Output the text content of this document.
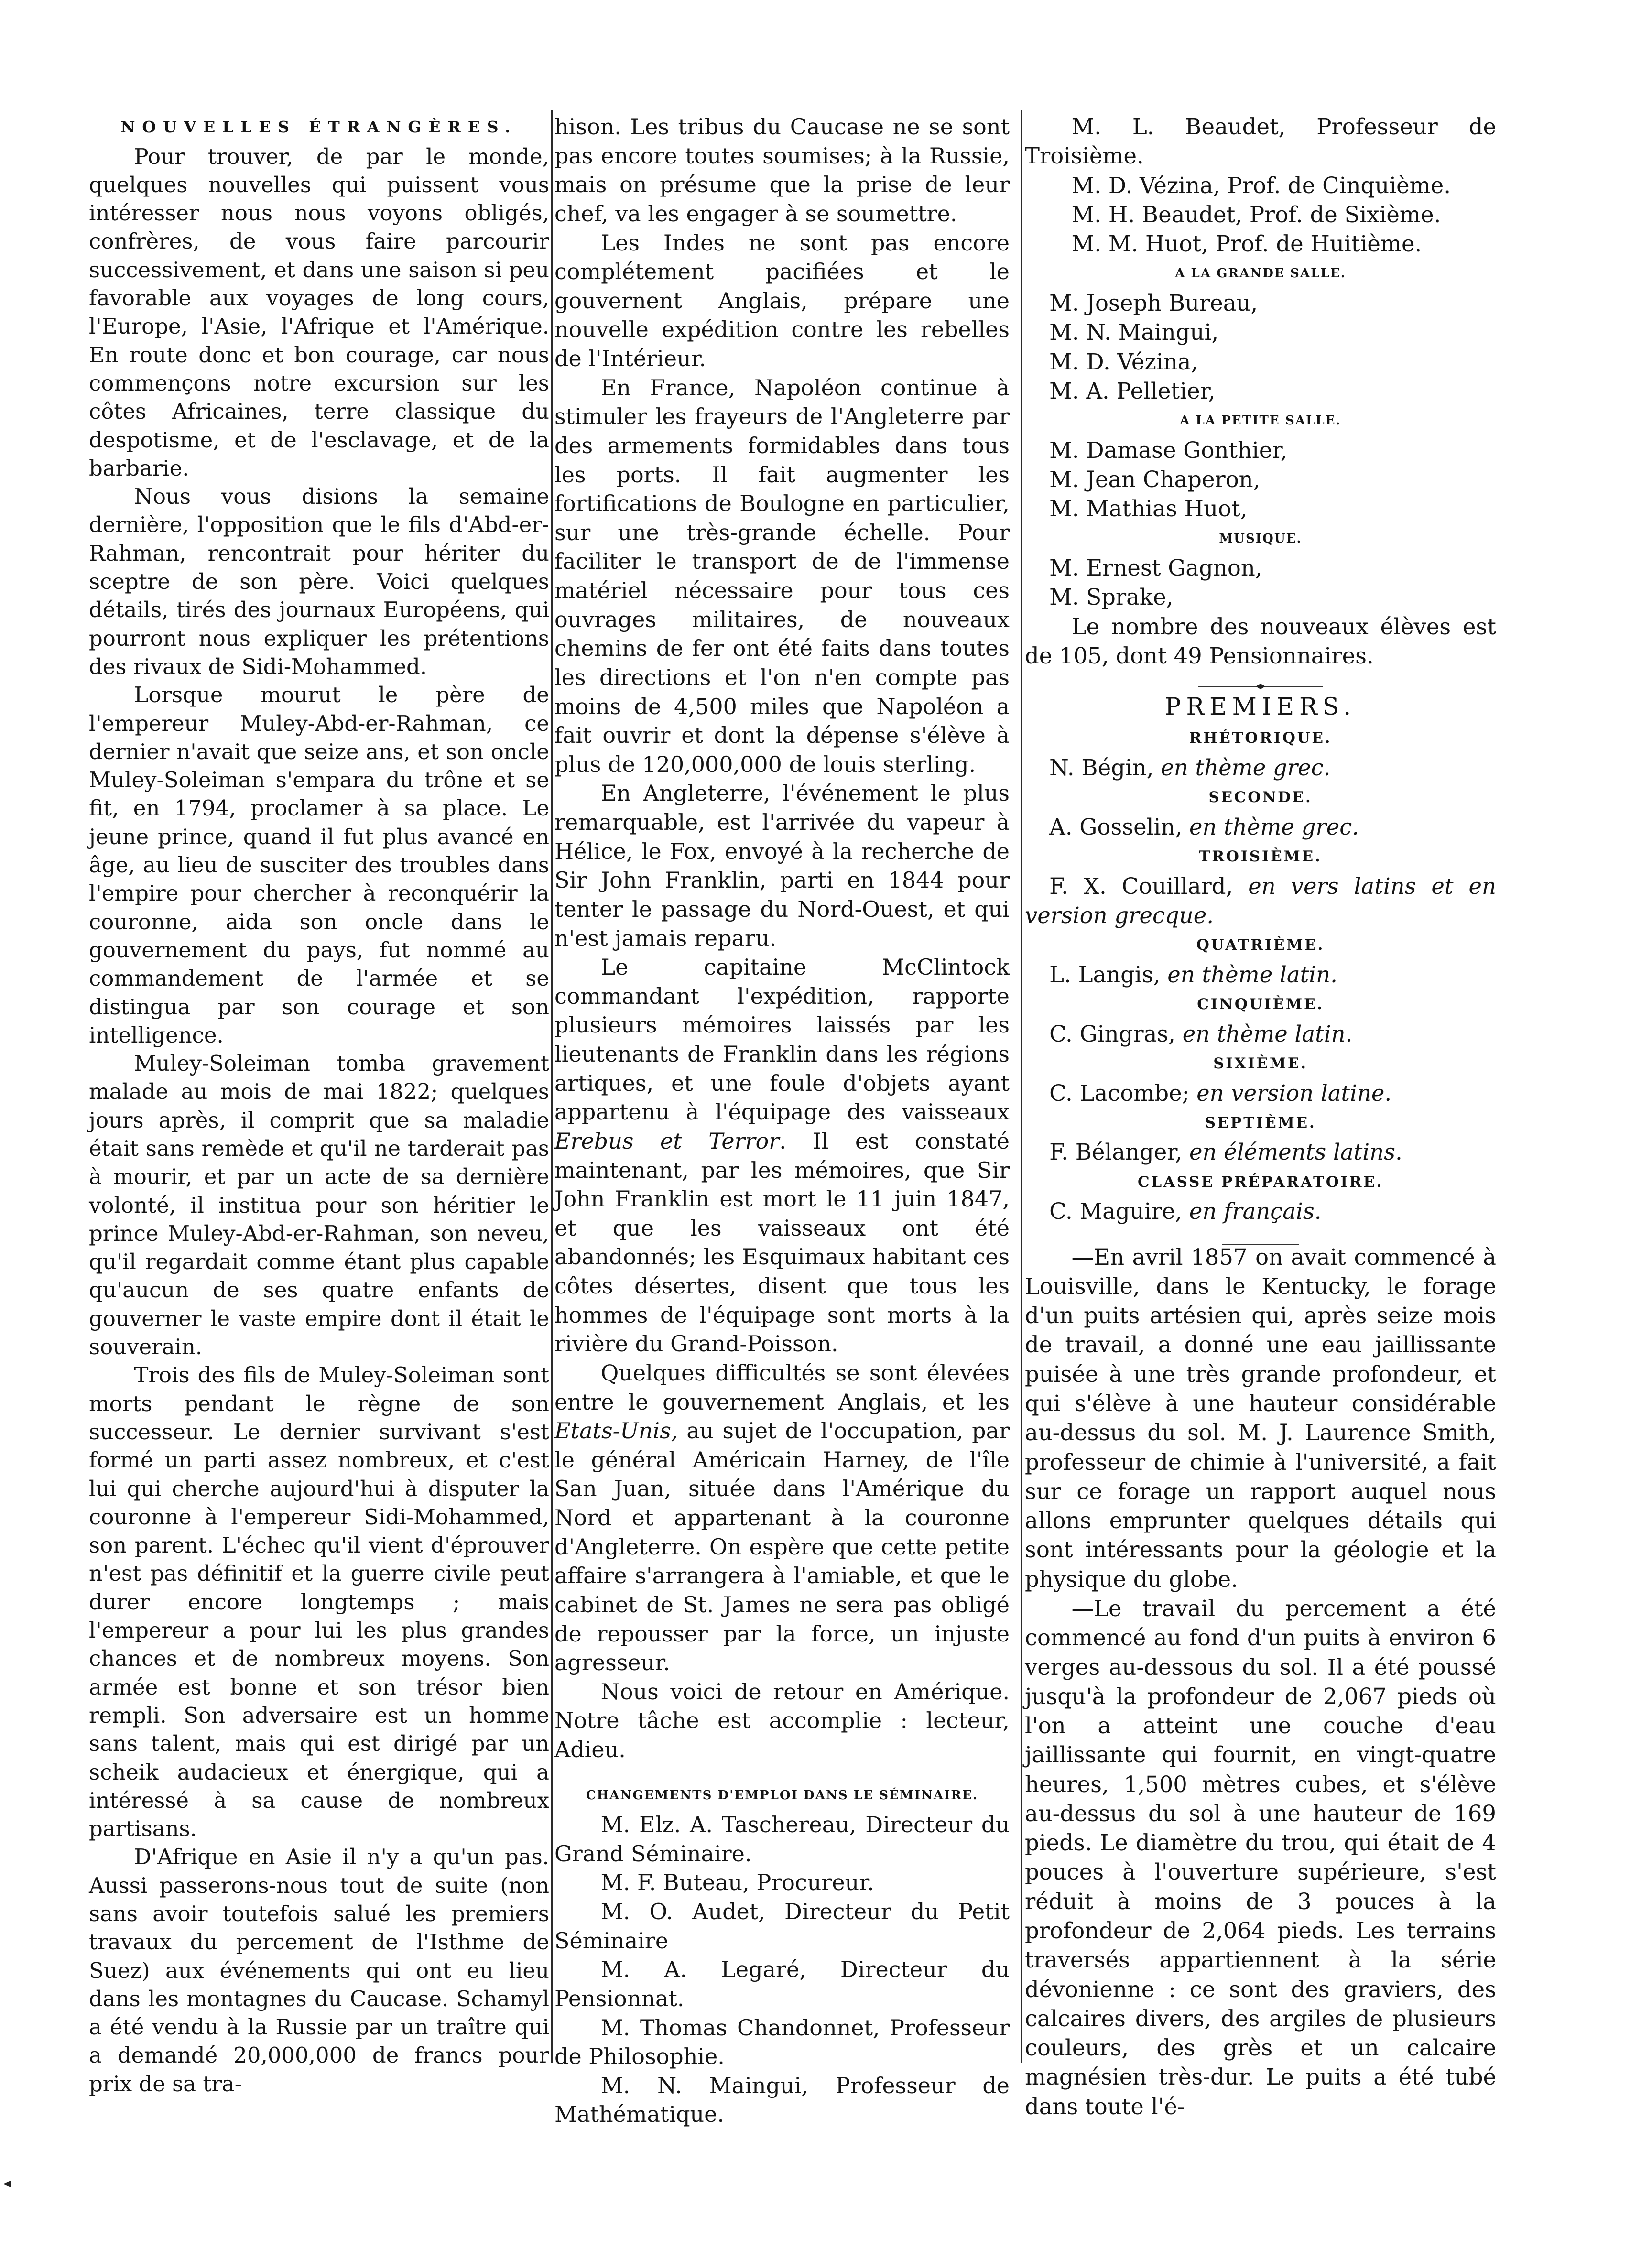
NOUVELLES ÉTRANGÈRES.

Pour trouver, de par le monde, quelques nouvelles qui puissent vous intéresser nous nous voyons obligés, confrères, de vous faire parcourir successivement, et dans une saison si peu favorable aux voyages de long cours, l'Europe, l'Asie, l'Afrique et l'Amérique. En route donc et bon courage, car nous commençons notre excursion sur les côtes Africaines, terre classique du despotisme, et de l'esclavage, et de la barbarie.

Nous vous disions la semaine dernière, l'opposition que le fils d'Abd-er-Rahman, rencontrait pour hériter du sceptre de son père. Voici quelques détails, tirés des journaux Européens, qui pourront nous expliquer les prétentions des rivaux de Sidi-Mohammed.

Lorsque mourut le père de l'empereur Muley-Abd-er-Rahman, ce dernier n'avait que seize ans, et son oncle Muley-Soleiman s'empara du trône et se fit, en 1794, proclamer à sa place. Le jeune prince, quand il fut plus avancé en âge, au lieu de susciter des troubles dans l'empire pour chercher à reconquérir la couronne, aida son oncle dans le gouvernement du pays, fut nommé au commandement de l'armée et se distingua par son courage et son intelligence.

Muley-Soleiman tomba gravement malade au mois de mai 1822; quelques jours après, il comprit que sa maladie était sans remède et qu'il ne tarderait pas à mourir, et par un acte de sa dernière volonté, il institua pour son héritier le prince Muley-Abd-er-Rahman, son neveu, qu'il regardait comme étant plus capable qu'aucun de ses quatre enfants de gouverner le vaste empire dont il était le souverain.

Trois des fils de Muley-Soleiman sont morts pendant le règne de son successeur. Le dernier survivant s'est formé un parti assez nombreux, et c'est lui qui cherche aujourd'hui à disputer la couronne à l'empereur Sidi-Mohammed, son parent. L'échec qu'il vient d'éprouver n'est pas définitif et la guerre civile peut durer encore longtemps ; mais l'empereur a pour lui les plus grandes chances et de nombreux moyens. Son armée est bonne et son trésor bien rempli. Son adversaire est un homme sans talent, mais qui est dirigé par un scheik audacieux et énergique, qui a intéressé à sa cause de nombreux partisans.

D'Afrique en Asie il n'y a qu'un pas. Aussi passerons-nous tout de suite (non sans avoir toutefois salué les premiers travaux du percement de l'Isthme de Suez) aux événements qui ont eu lieu dans les montagnes du Caucase. Schamyl a été vendu à la Russie par un traître qui a demandé 20,000,000 de francs pour prix de sa tra-

hison. Les tribus du Caucase ne se sont pas encore toutes soumises; à la Russie, mais on présume que la prise de leur chef, va les engager à se soumettre.

Les Indes ne sont pas encore complétement pacifiées et le gouvernent Anglais, prépare une nouvelle expédition contre les rebelles de l'Intérieur.

En France, Napoléon continue à stimuler les frayeurs de l'Angleterre par des armements formidables dans tous les ports. Il fait augmenter les fortifications de Boulogne en particulier, sur une très-grande échelle. Pour faciliter le transport de de l'immense matériel nécessaire pour tous ces ouvrages militaires, de nouveaux chemins de fer ont été faits dans toutes les directions et l'on n'en compte pas moins de 4,500 miles que Napoléon a fait ouvrir et dont la dépense s'élève à plus de 120,000,000 de louis sterling.

En Angleterre, l'événement le plus remarquable, est l'arrivée du vapeur à Hélice, le Fox, envoyé à la recherche de Sir John Franklin, parti en 1844 pour tenter le passage du Nord-Ouest, et qui n'est jamais reparu.

Le capitaine McClintock commandant l'expédition, rapporte plusieurs mémoires laissés par les lieutenants de Franklin dans les régions artiques, et une foule d'objets ayant appartenu à l'équipage des vaisseaux Erebus et Terror. Il est constaté maintenant, par les mémoires, que Sir John Franklin est mort le 11 juin 1847, et que les vaisseaux ont été abandonnés; les Esquimaux habitant ces côtes désertes, disent que tous les hommes de l'équipage sont morts à la rivière du Grand-Poisson.

Quelques difficultés se sont élevées entre le gouvernement Anglais, et les Etats-Unis, au sujet de l'occupation, par le général Américain Harney, de l'île San Juan, située dans l'Amérique du Nord et appartenant à la couronne d'Angleterre. On espère que cette petite affaire s'arrangera à l'amiable, et que le cabinet de St. James ne sera pas obligé de repousser par la force, un injuste agresseur.

Nous voici de retour en Amérique. Notre tâche est accomplie : lecteur, Adieu.

CHANGEMENTS D'EMPLOI DANS LE SÉMINAIRE.

M. Elz. A. Taschereau, Directeur du Grand Séminaire.

M. F. Buteau, Procureur.

M. O. Audet, Directeur du Petit Séminaire

M. A. Legaré, Directeur du Pensionnat.

M. Thomas Chandonnet, Professeur de Philosophie.

M. N. Maingui, Professeur de Mathématique.

M. L. Beaudet, Professeur de Troisième.

M. D. Vézina, Prof. de Cinquième.

M. H. Beaudet, Prof. de Sixième.

M. M. Huot, Prof. de Huitième.

A LA GRANDE SALLE.

M. Joseph Bureau,

M. N. Maingui,

M. D. Vézina,

M. A. Pelletier,

A LA PETITE SALLE.

M. Damase Gonthier,

M. Jean Chaperon,

M. Mathias Huot,

MUSIQUE.

M. Ernest Gagnon,

M. Sprake,

Le nombre des nouveaux élèves est de 105, dont 49 Pensionnaires.

PREMIERS.
RHÉTORIQUE.

N. Bégin, en thème grec.

SECONDE.

A. Gosselin, en thème grec.

TROISIÈME.

F. X. Couillard, en vers latins et en version grecque.

QUATRIÈME.

L. Langis, en thème latin.

CINQUIÈME.

C. Gingras, en thème latin.

SIXIÈME.

C. Lacombe; en version latine.

SEPTIÈME.

F. Bélanger, en éléments latins.

CLASSE PRÉPARATOIRE.

C. Maguire, en français.

—En avril 1857 on avait commencé à Louisville, dans le Kentucky, le forage d'un puits artésien qui, après seize mois de travail, a donné une eau jaillissante puisée à une très grande profondeur, et qui s'élève à une hauteur considérable au-dessus du sol. M. J. Laurence Smith, professeur de chimie à l'université, a fait sur ce forage un rapport auquel nous allons emprunter quelques détails qui sont intéressants pour la géologie et la physique du globe.

—Le travail du percement a été commencé au fond d'un puits à environ 6 verges au-dessous du sol. Il a été poussé jusqu'à la profondeur de 2,067 pieds où l'on a atteint une couche d'eau jaillissante qui fournit, en vingt-quatre heures, 1,500 mètres cubes, et s'élève au-dessus du sol à une hauteur de 169 pieds. Le diamètre du trou, qui était de 4 pouces à l'ouverture supérieure, s'est réduit à moins de 3 pouces à la profondeur de 2,064 pieds. Les terrains traversés appartiennent à la série dévonienne : ce sont des graviers, des calcaires divers, des argiles de plusieurs couleurs, des grès et un calcaire magnésien très-dur. Le puits a été tubé dans toute l'é-
